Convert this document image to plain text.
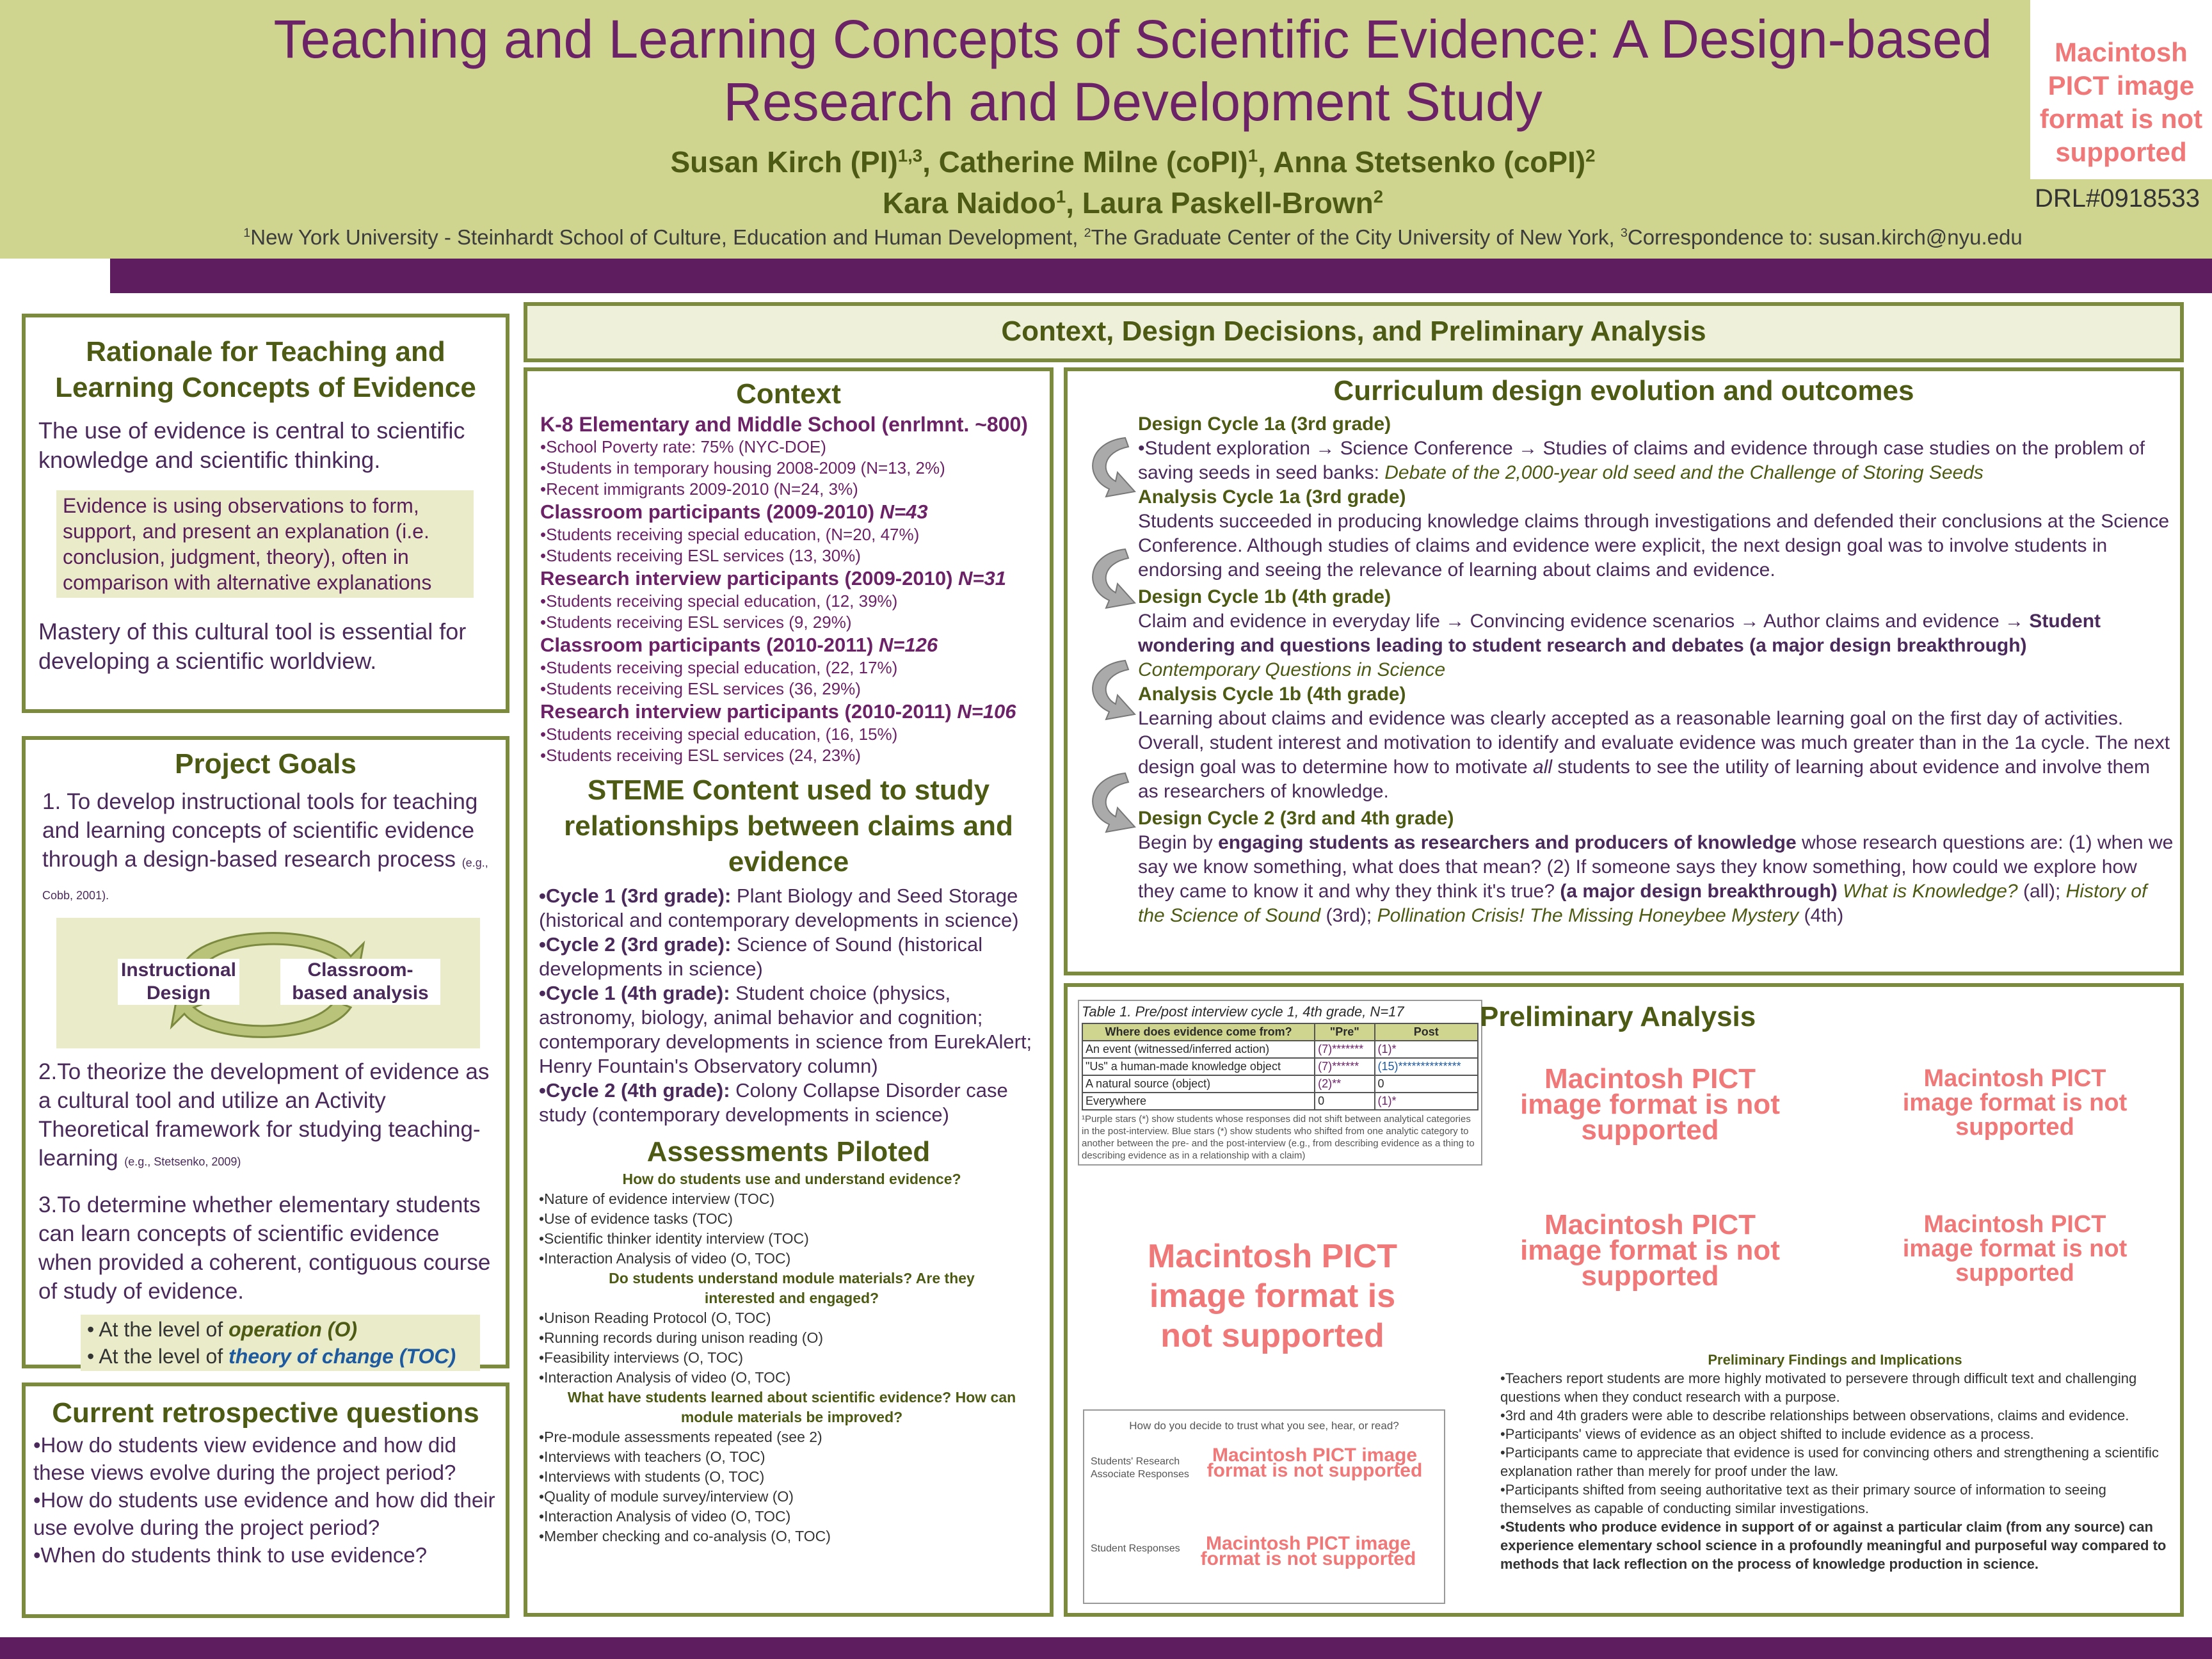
Teaching and Learning Concepts of Scientific Evidence: A Design-based Research and Development Study
Susan Kirch (PI)$^{1,3}$, Catherine Milne (coPI)$^1$, Anna Stetsenko (coPI)$^2$
Kara Naidoo$^1$, Laura Paskell-Brown$^2$
$^1$New York University - Steinhardt School of Culture, Education and Human Development, $^2$The Graduate Center of the City University of New York, $^3$Correspondence to: susan.kirch@nyu.edu
Macintosh PICT image format is not supported
DRL#0918533
Rationale for Teaching and Learning Concepts of Evidence
The use of evidence is central to scientific knowledge and scientific thinking.
Evidence is using observations to form, support, and present an explanation (i.e. conclusion, judgment, theory), often in comparison with alternative explanations
Mastery of this cultural tool is essential for developing a scientific worldview.
Project Goals
1. To develop instructional tools for teaching and learning concepts of scientific evidence through a design-based research process (e.g., Cobb, 2001).
Instructional Design
Classroom-based analysis
2.To theorize the development of evidence as a cultural tool and utilize an Activity Theoretical framework for studying teaching-learning (e.g., Stetsenko, 2009)
3.To determine whether elementary students can learn concepts of scientific evidence when provided a coherent, contiguous course of study of evidence.
• At the level of operation (O)
• At the level of theory of change (TOC)
Current retrospective questions
•How do students view evidence and how did these views evolve during the project period?
•How do students use evidence and how did their use evolve during the project period?
•When do students think to use evidence?
Context, Design Decisions, and Preliminary Analysis
Context
K-8 Elementary and Middle School (enrlmnt. ~800)
•School Poverty rate: 75% (NYC-DOE)
•Students in temporary housing 2008-2009 (N=13, 2%)
•Recent immigrants 2009-2010 (N=24, 3%)
Classroom participants (2009-2010) N=43
•Students receiving special education, (N=20, 47%)
•Students receiving ESL services (13, 30%)
Research interview participants (2009-2010) N=31
•Students receiving special education, (12, 39%)
•Students receiving ESL services (9, 29%)
Classroom participants (2010-2011) N=126
•Students receiving special education, (22, 17%)
•Students receiving ESL services (36, 29%)
Research interview participants (2010-2011) N=106
•Students receiving special education, (16, 15%)
•Students receiving ESL services (24, 23%)
STEME Content used to study relationships between claims and evidence
•Cycle 1 (3rd grade): Plant Biology and Seed Storage (historical and contemporary developments in science)
•Cycle 2 (3rd grade): Science of Sound (historical developments in science)
•Cycle 1 (4th grade): Student choice (physics, astronomy, biology, animal behavior and cognition; contemporary developments in science from EurekAlert; Henry Fountain's Observatory column)
•Cycle 2 (4th grade): Colony Collapse Disorder case study (contemporary developments in science)
Assessments Piloted
How do students use and understand evidence?
•Nature of evidence interview (TOC)
•Use of evidence tasks (TOC)
•Scientific thinker identity interview (TOC)
•Interaction Analysis of video (O, TOC)
Do students understand module materials? Are they interested and engaged?
•Unison Reading Protocol (O, TOC)
•Running records during unison reading (O)
•Feasibility interviews (O, TOC)
•Interaction Analysis of video (O, TOC)
What have students learned about scientific evidence? How can module materials be improved?
•Pre-module assessments repeated (see 2)
•Interviews with teachers (O, TOC)
•Interviews with students (O, TOC)
•Quality of module survey/interview (O)
•Interaction Analysis of video (O, TOC)
•Member checking and co-analysis (O, TOC)
Curriculum design evolution and outcomes
Design Cycle 1a (3rd grade)
•Student exploration → Science Conference → Studies of claims and evidence through case studies on the problem of saving seeds in seed banks: Debate of the 2,000-year old seed and the Challenge of Storing Seeds
Analysis Cycle 1a (3rd grade)
Students succeeded in producing knowledge claims through investigations and defended their conclusions at the Science Conference. Although studies of claims and evidence were explicit, the next design goal was to involve students in endorsing and seeing the relevance of learning about claims and evidence.
Design Cycle 1b (4th grade)
Claim and evidence in everyday life → Convincing evidence scenarios → Author claims and evidence → Student wondering and questions leading to student research and debates (a major design breakthrough)
Contemporary Questions in Science
Analysis Cycle 1b (4th grade)
Learning about claims and evidence was clearly accepted as a reasonable learning goal on the first day of activities. Overall, student interest and motivation to identify and evaluate evidence was much greater than in the 1a cycle. The next design goal was to determine how to motivate all students to see the utility of learning about evidence and involve them as researchers of knowledge.
Design Cycle 2 (3rd and 4th grade)
Begin by engaging students as researchers and producers of knowledge whose research questions are: (1) when we say we know something, what does that mean? (2) If someone says they know something, how could we explore how they came to know it and why they think it's true? (a major design breakthrough) What is Knowledge? (all); History of the Science of Sound (3rd); Pollination Crisis! The Missing Honeybee Mystery (4th)
Table 1. Pre/post interview cycle 1, 4th grade, N=17
Where does evidence come from?	"Pre"	Post
An event (witnessed/inferred action)	(7)*******	(1)*
"Us" a human-made knowledge object	(7)******	(15)**************
A natural source (object)	(2)**	0
Everywhere	0	(1)*
¹Purple stars (*) show students whose responses did not shift between analytical categories in the post-interview. Blue stars (*) show students who shifted from one analytic category to another between the pre- and the post-interview (e.g., from describing evidence as a thing to describing evidence as in a relationship with a claim)
Preliminary Analysis
Macintosh PICT image format is not supported
Macintosh PICT image format is not supported
Macintosh PICT image format is not supported
Macintosh PICT image format is not supported
Macintosh PICT image format is not supported
How do you decide to trust what you see, hear, or read?
Students' Research Associate Responses
Student Responses
Macintosh PICT image format is not supported
Macintosh PICT image format is not supported
Preliminary Findings and Implications
•Teachers report students are more highly motivated to persevere through difficult text and challenging questions when they conduct research with a purpose.
•3rd and 4th graders were able to describe relationships between observations, claims and evidence.
•Participants' views of evidence as an object shifted to include evidence as a process.
•Participants came to appreciate that evidence is used for convincing others and strengthening a scientific explanation rather than merely for proof under the law.
•Participants shifted from seeing authoritative text as their primary source of information to seeing themselves as capable of conducting similar investigations.
•Students who produce evidence in support of or against a particular claim (from any source) can experience elementary school science in a profoundly meaningful and purposeful way compared to methods that lack reflection on the process of knowledge production in science.
